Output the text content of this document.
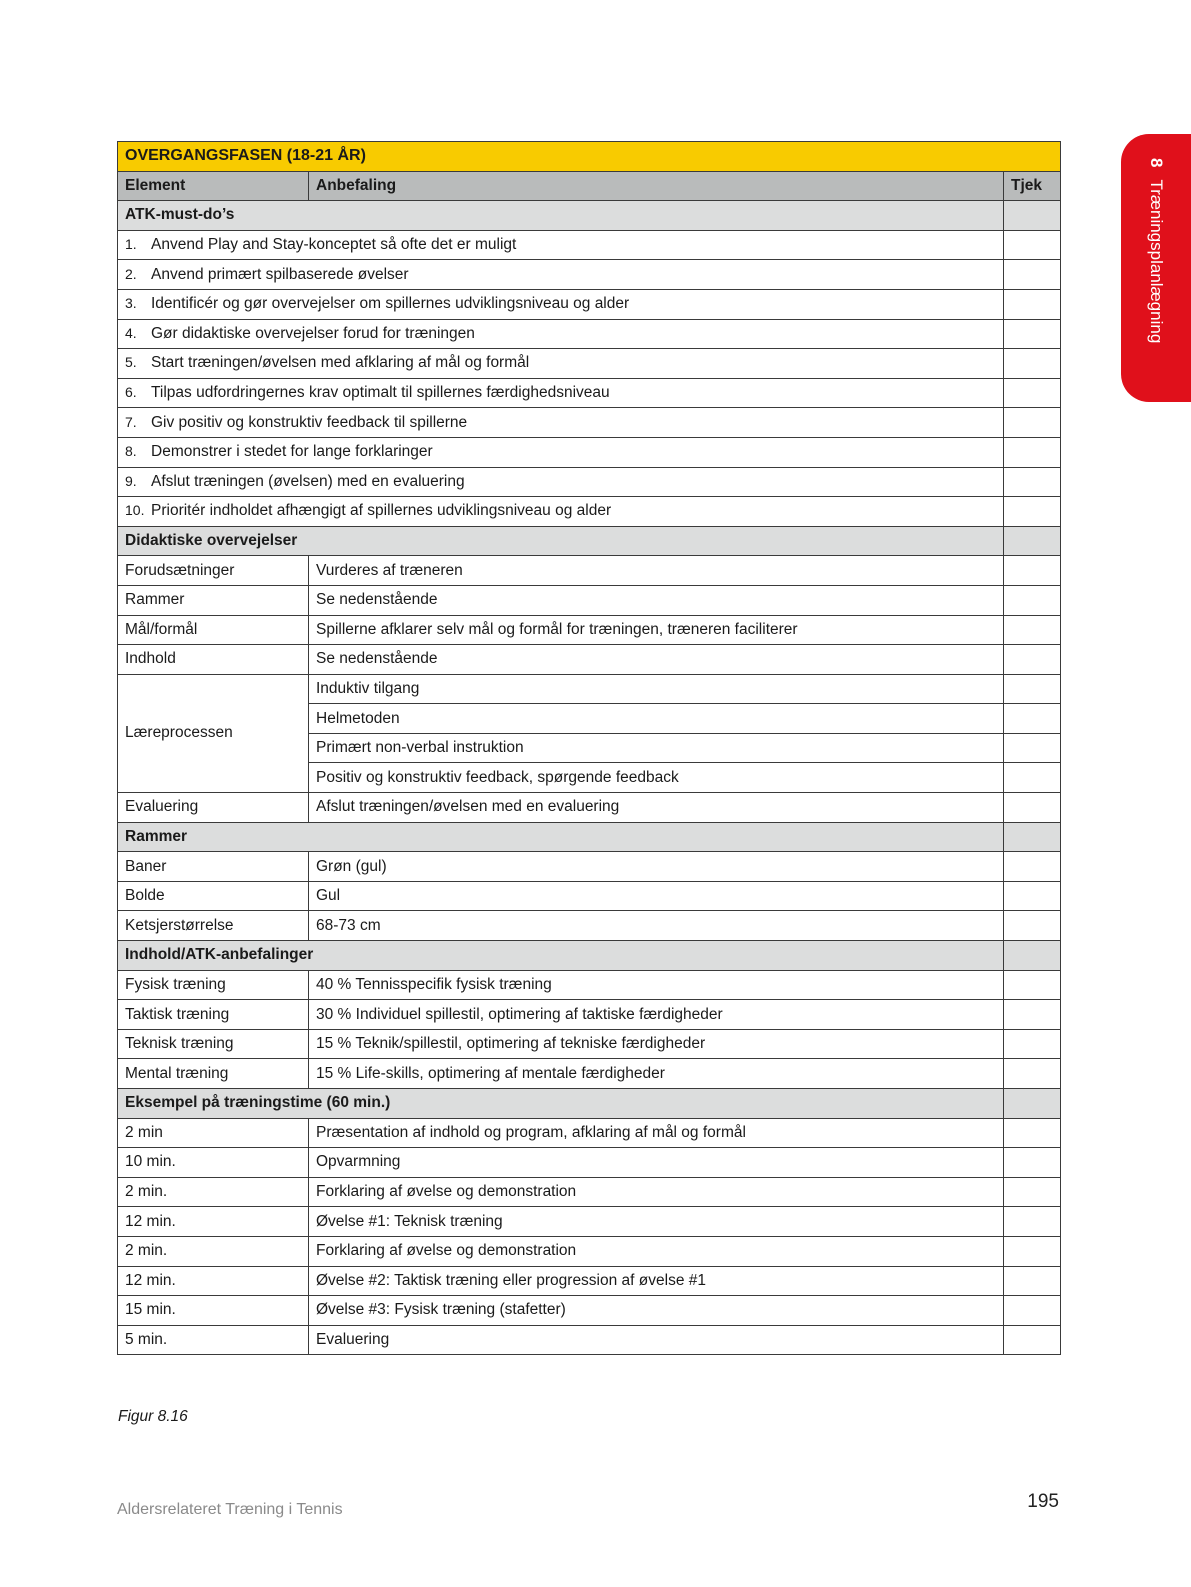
OVERGANGSFASEN (18-21 ÅR)		
Element	Anbefaling	Tjek
ATK-must-do’s		
1. Anvend Play and Stay-konceptet så ofte det er muligt		
2. Anvend primært spilbaserede øvelser		
3. Identificér og gør overvejelser om spillernes udviklingsniveau og alder		
4. Gør didaktiske overvejelser forud for træningen		
5. Start træningen/øvelsen med afklaring af mål og formål		
6. Tilpas udfordringernes krav optimalt til spillernes færdighedsniveau		
7. Giv positiv og konstruktiv feedback til spillerne		
8. Demonstrer i stedet for lange forklaringer		
9. Afslut træningen (øvelsen) med en evaluering		
10. Prioritér indholdet afhængigt af spillernes udviklingsniveau og alder		
Didaktiske overvejelser		
Forudsætninger	Vurderes af træneren	
Rammer	Se nedenstående	
Mål/formål	Spillerne afklarer selv mål og formål for træningen, træneren faciliterer	
Indhold	Se nedenstående	
Læreprocessen	Induktiv tilgang	
	Helmetoden	
	Primært non-verbal instruktion	
	Positiv og konstruktiv feedback, spørgende feedback	
Evaluering	Afslut træningen/øvelsen med en evaluering	
Rammer		
Baner	Grøn (gul)	
Bolde	Gul	
Ketsjerstørrelse	68-73 cm	
Indhold/ATK-anbefalinger		
Fysisk træning	40 % Tennisspecifik fysisk træning	
Taktisk træning	30 % Individuel spillestil, optimering af taktiske færdigheder	
Teknisk træning	15 % Teknik/spillestil, optimering af tekniske færdigheder	
Mental træning	15 % Life-skills, optimering af mentale færdigheder	
Eksempel på træningstime (60 min.)		
2 min	Præsentation af indhold og program, afklaring af mål og formål	
10 min.	Opvarmning	
2 min.	Forklaring af øvelse og demonstration	
12 min.	Øvelse #1: Teknisk træning	
2 min.	Forklaring af øvelse og demonstration	
12 min.	Øvelse #2: Taktisk træning eller progression af øvelse #1	
15 min.	Øvelse #3: Fysisk træning (stafetter)	
5 min.	Evaluering	
Figur 8.16
Aldersrelateret Træning i Tennis	195
8Træningsplanlægning
